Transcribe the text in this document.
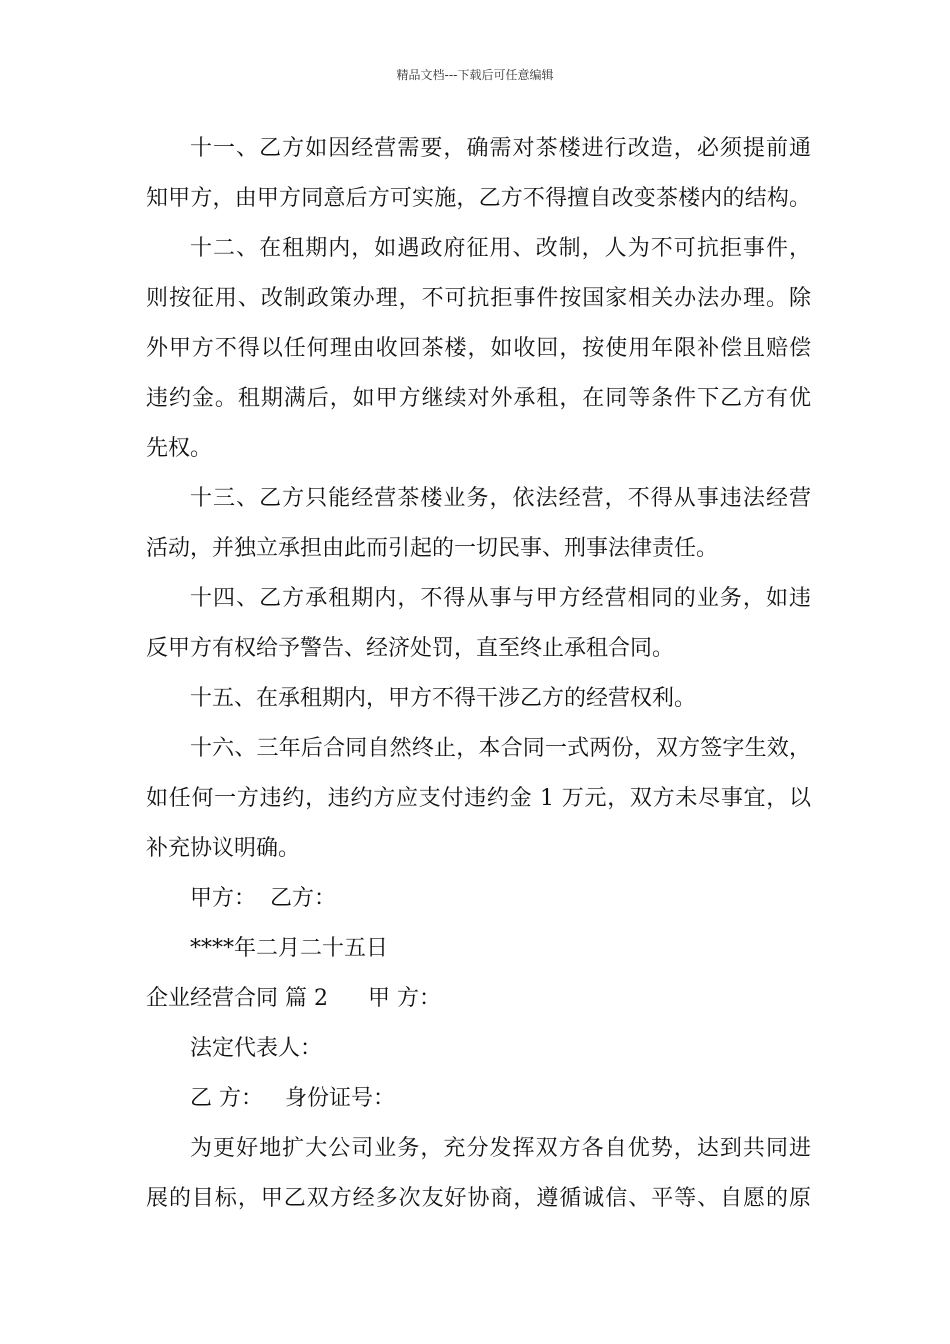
精品文档---下载后可任意编辑
十一、乙方如因经营需要，确需对茶楼进行改造，必须提前通
知甲方，由甲方同意后方可实施，乙方不得擅自改变茶楼内的结构。
十二、在租期内，如遇政府征用、改制，人为不可抗拒事件，
则按征用、改制政策办理，不可抗拒事件按国家相关办法办理。除
外甲方不得以任何理由收回茶楼，如收回，按使用年限补偿且赔偿
违约金。租期满后，如甲方继续对外承租，在同等条件下乙方有优
先权。
十三、乙方只能经营茶楼业务，依法经营，不得从事违法经营
活动，并独立承担由此而引起的一切民事、刑事法律责任。
十四、乙方承租期内，不得从事与甲方经营相同的业务，如违
反甲方有权给予警告、经济处罚，直至终止承租合同。
十五、在承租期内，甲方不得干涉乙方的经营权利。
十六、三年后合同自然终止，本合同一式两份，双方签字生效，
如任何一方违约，违约方应支付违约金 1 万元，双方未尽事宜，以
补充协议明确。
甲方： 乙方：
****年二月二十五日
企业经营合同 篇 2 甲 方：
法定代表人：
乙 方： 身份证号：
为更好地扩大公司业务，充分发挥双方各自优势，达到共同进
展的目标，甲乙双方经多次友好协商，遵循诚信、平等、自愿的原
